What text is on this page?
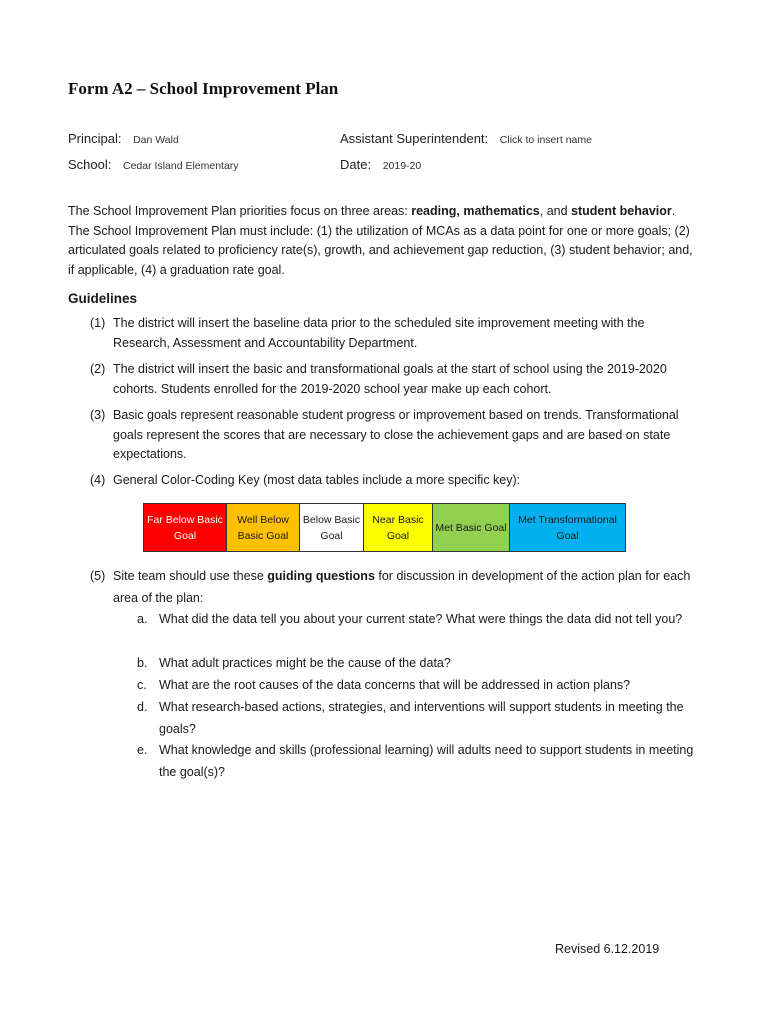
Form A2 – School Improvement Plan
Principal: Dan Wald	Assistant Superintendent: Click to insert name
School: Cedar Island Elementary	Date: 2019-20
The School Improvement Plan priorities focus on three areas: reading, mathematics, and student behavior. The School Improvement Plan must include: (1) the utilization of MCAs as a data point for one or more goals; (2) articulated goals related to proficiency rate(s), growth, and achievement gap reduction, (3) student behavior; and, if applicable, (4) a graduation rate goal.
Guidelines
(1) The district will insert the baseline data prior to the scheduled site improvement meeting with the Research, Assessment and Accountability Department.
(2) The district will insert the basic and transformational goals at the start of school using the 2019-2020 cohorts. Students enrolled for the 2019-2020 school year make up each cohort.
(3) Basic goals represent reasonable student progress or improvement based on trends. Transformational goals represent the scores that are necessary to close the achievement gaps and are based on state expectations.
(4) General Color-Coding Key (most data tables include a more specific key):
Far Below Basic Goal
Well Below Basic Goal
Below Basic Goal
Near Basic Goal
Met Basic Goal
Met Transformational Goal
(5) Site team should use these guiding questions for discussion in development of the action plan for each area of the plan:
a. What did the data tell you about your current state? What were things the data did not tell you?
b. What adult practices might be the cause of the data?
c. What are the root causes of the data concerns that will be addressed in action plans?
d. What research-based actions, strategies, and interventions will support students in meeting the goals?
e. What knowledge and skills (professional learning) will adults need to support students in meeting the goal(s)?
Revised 6.12.2019
